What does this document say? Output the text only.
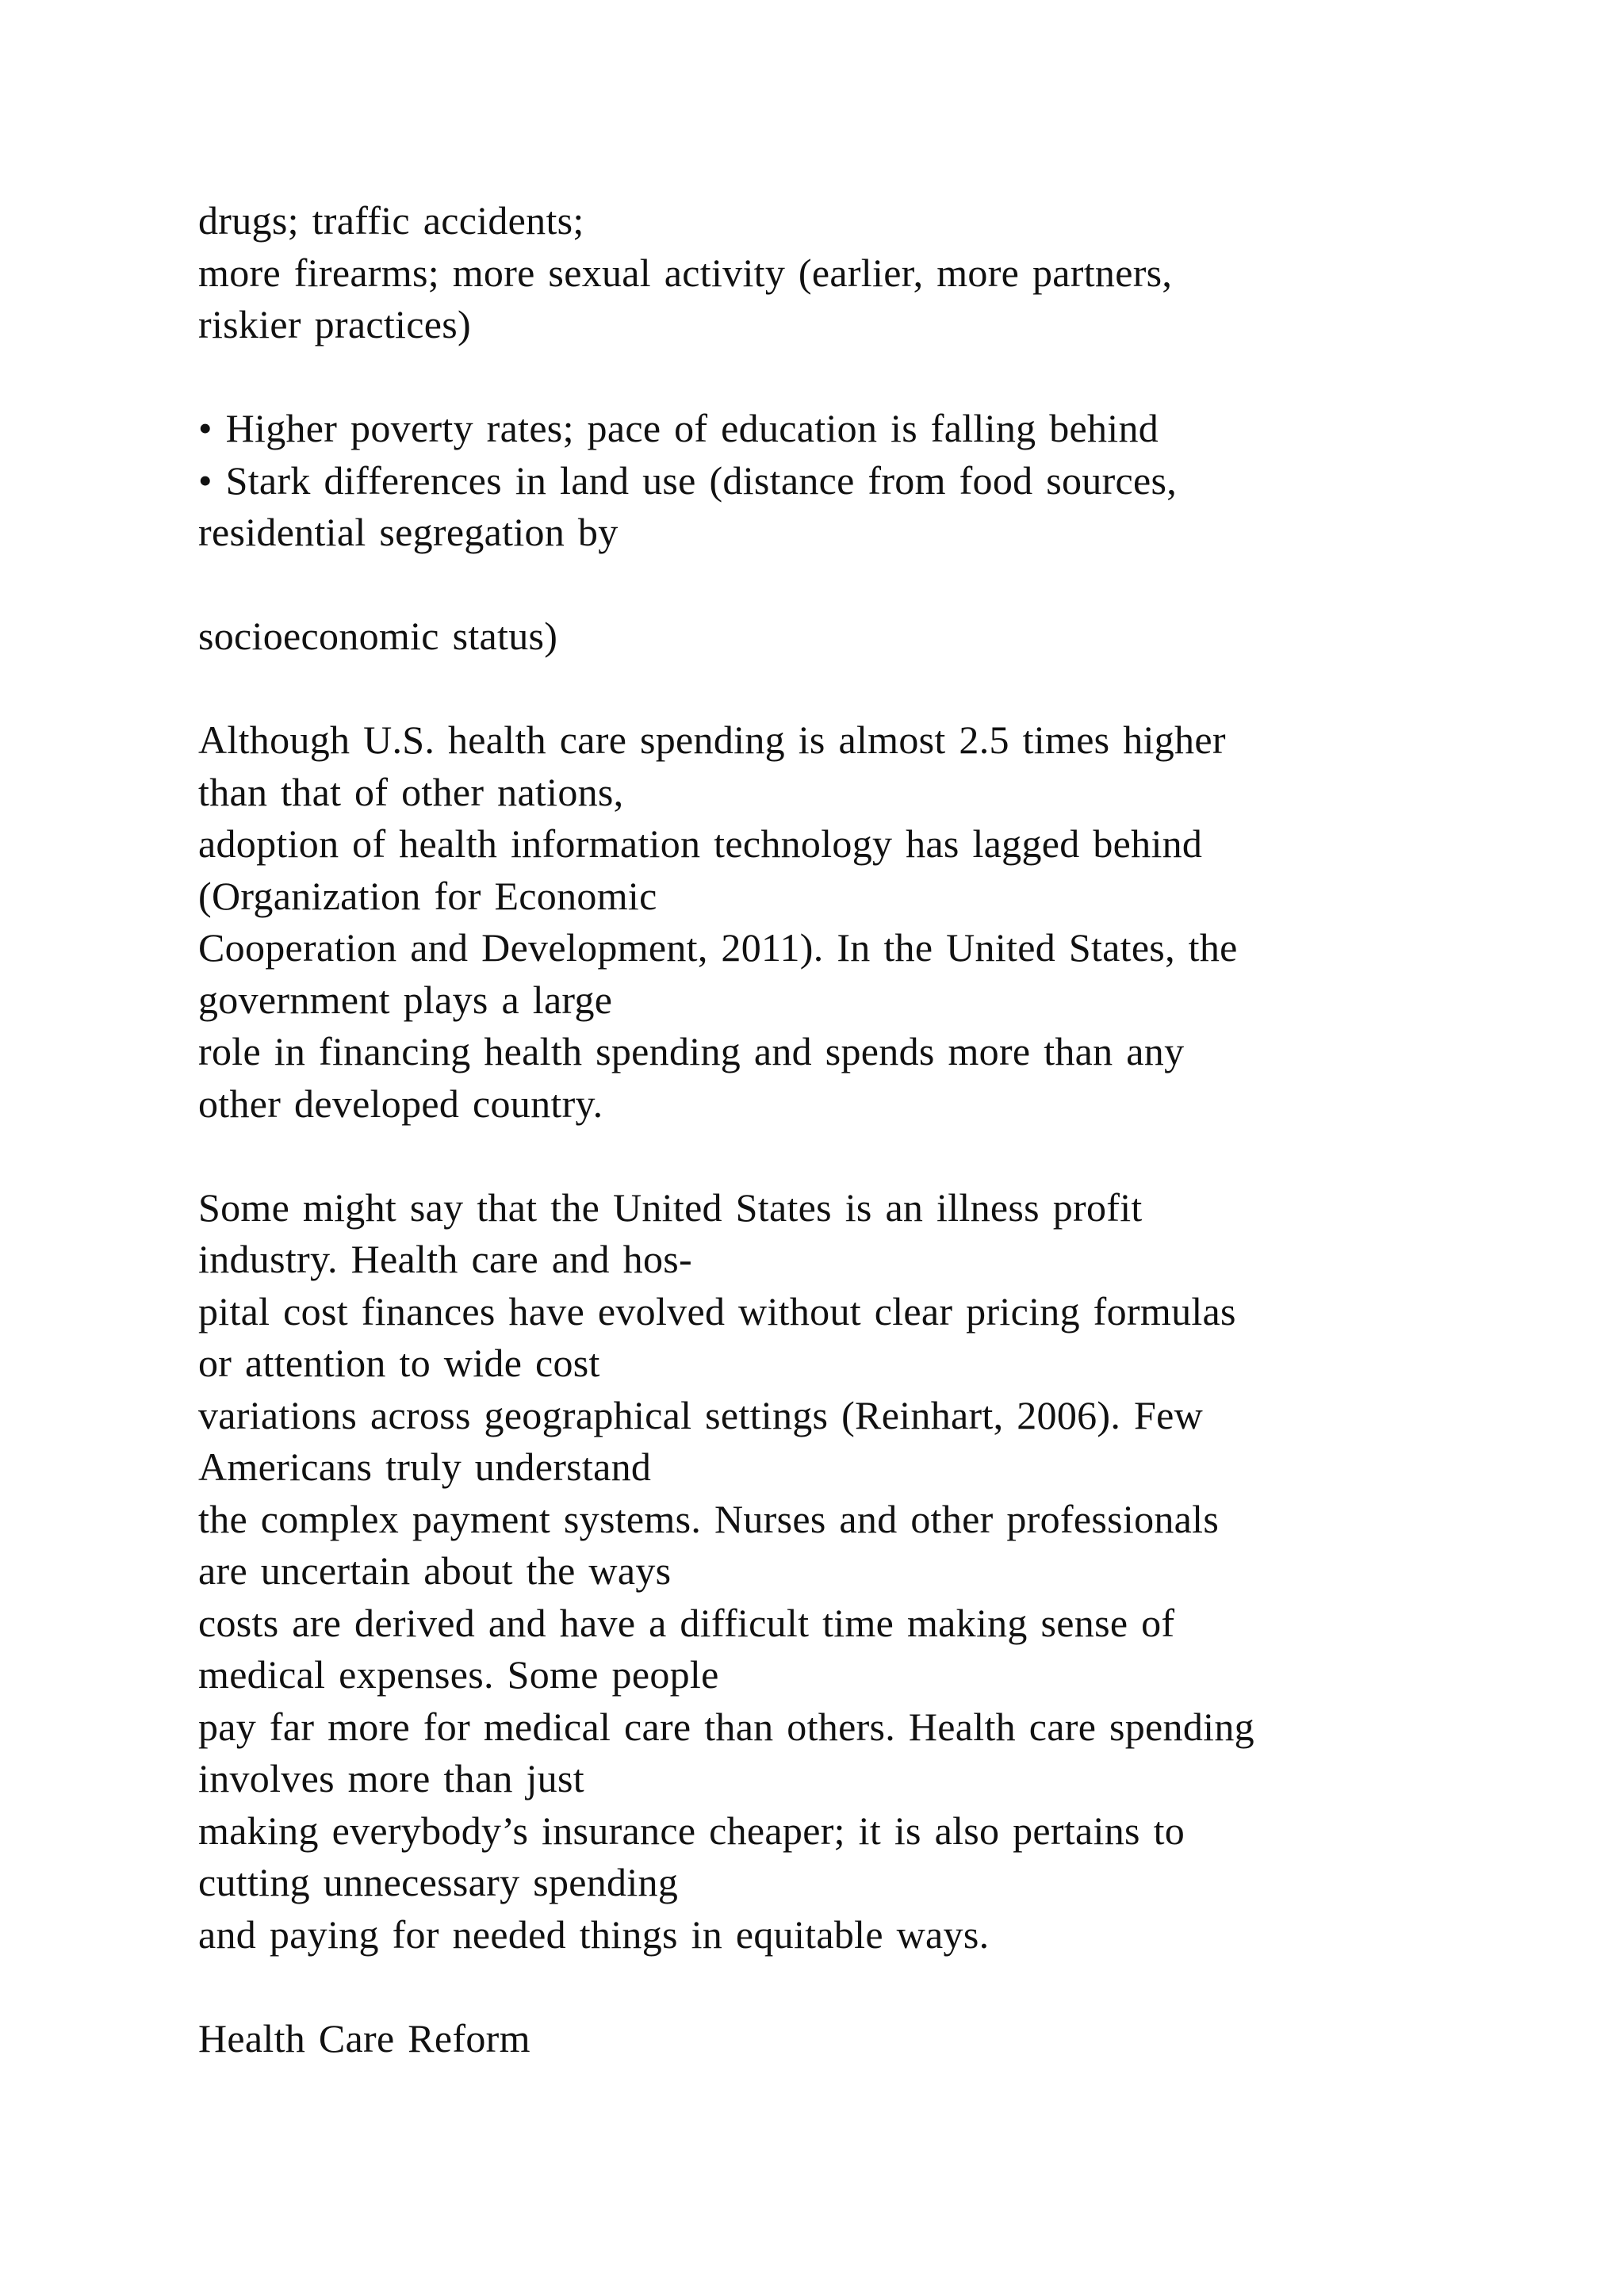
drugs; traffic accidents;
more firearms; more sexual activity (earlier, more partners,
riskier practices)
• Higher poverty rates; pace of education is falling behind
• Stark differences in land use (distance from food sources,
residential segregation by
socioeconomic status)
Although U.S. health care spending is almost 2.5 times higher
than that of other nations,
adoption of health information technology has lagged behind
(Organization for Economic
Cooperation and Development, 2011). In the United States, the
government plays a large
role in financing health spending and spends more than any
other developed country.
Some might say that the United States is an illness profit
industry. Health care and hos-
pital cost finances have evolved without clear pricing formulas
or attention to wide cost
variations across geographical settings (Reinhart, 2006). Few
Americans truly understand
the complex payment systems. Nurses and other professionals
are uncertain about the ways
costs are derived and have a difficult time making sense of
medical expenses. Some people
pay far more for medical care than others. Health care spending
involves more than just
making everybody’s insurance cheaper; it is also pertains to
cutting unnecessary spending
and paying for needed things in equitable ways.
Health Care Reform
